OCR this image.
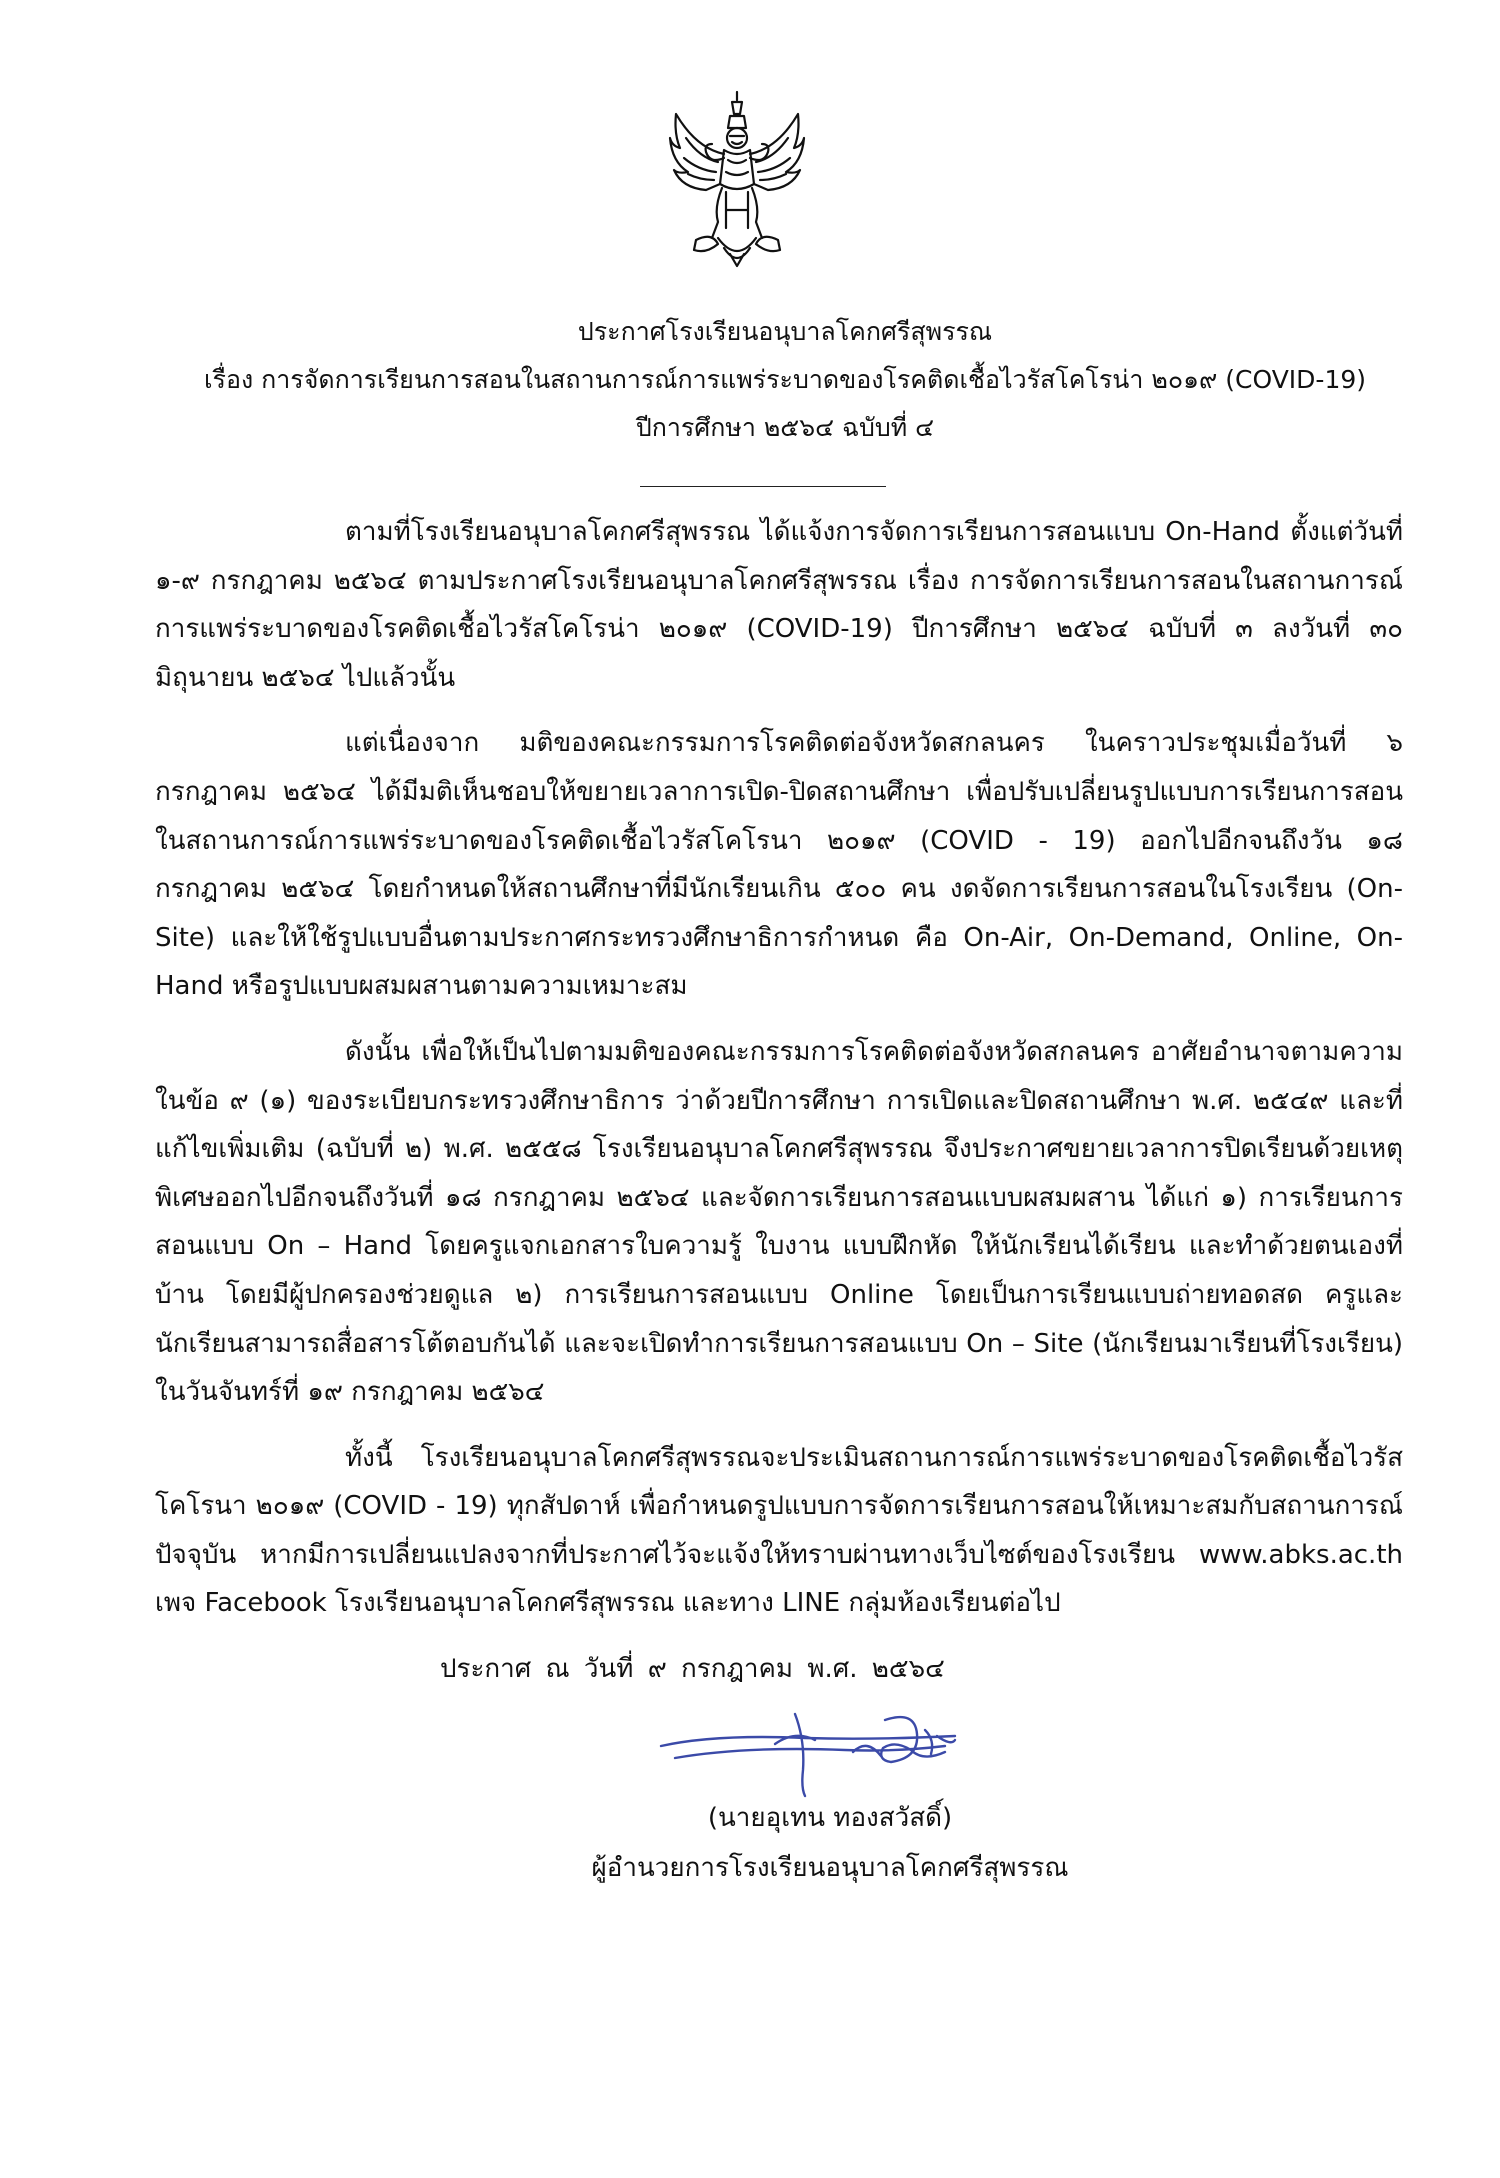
ประกาศโรงเรียนอนุบาลโคกศรีสุพรรณ
เรื่อง การจัดการเรียนการสอนในสถานการณ์การแพร่ระบาดของโรคติดเชื้อไวรัสโคโรน่า ๒๐๑๙ (COVID-19)
ปีการศึกษา ๒๕๖๔ ฉบับที่ ๔

ตามที่โรงเรียนอนุบาลโคกศรีสุพรรณ ได้แจ้งการจัดการเรียนการสอนแบบ On-Hand ตั้งแต่วันที่ ๑-๙ กรกฎาคม ๒๕๖๔ ตามประกาศโรงเรียนอนุบาลโคกศรีสุพรรณ เรื่อง การจัดการเรียนการสอนในสถานการณ์การแพร่ระบาดของโรคติดเชื้อไวรัสโคโรน่า ๒๐๑๙ (COVID-19) ปีการศึกษา ๒๕๖๔ ฉบับที่ ๓ ลงวันที่ ๓๐ มิถุนายน ๒๕๖๔ ไปแล้วนั้น

แต่เนื่องจาก มติของคณะกรรมการโรคติดต่อจังหวัดสกลนคร ในคราวประชุมเมื่อวันที่ ๖ กรกฎาคม ๒๕๖๔ ได้มีมติเห็นชอบให้ขยายเวลาการเปิด-ปิดสถานศึกษา เพื่อปรับเปลี่ยนรูปแบบการเรียนการสอนในสถานการณ์การแพร่ระบาดของโรคติดเชื้อไวรัสโคโรนา ๒๐๑๙ (COVID - 19) ออกไปอีกจนถึงวัน ๑๘ กรกฎาคม ๒๕๖๔ โดยกำหนดให้สถานศึกษาที่มีนักเรียนเกิน ๕๐๐ คน งดจัดการเรียนการสอนในโรงเรียน (On-Site) และให้ใช้รูปแบบอื่นตามประกาศกระทรวงศึกษาธิการกำหนด คือ On-Air, On-Demand, Online, On-Hand หรือรูปแบบผสมผสานตามความเหมาะสม

ดังนั้น เพื่อให้เป็นไปตามมติของคณะกรรมการโรคติดต่อจังหวัดสกลนคร อาศัยอำนาจตามความในข้อ ๙ (๑) ของระเบียบกระทรวงศึกษาธิการ ว่าด้วยปีการศึกษา การเปิดและปิดสถานศึกษา พ.ศ. ๒๕๔๙ และที่แก้ไขเพิ่มเติม (ฉบับที่ ๒) พ.ศ. ๒๕๕๘ โรงเรียนอนุบาลโคกศรีสุพรรณ จึงประกาศขยายเวลาการปิดเรียนด้วยเหตุพิเศษออกไปอีกจนถึงวันที่ ๑๘ กรกฎาคม ๒๕๖๔ และจัดการเรียนการสอนแบบผสมผสาน ได้แก่ ๑) การเรียนการสอนแบบ On – Hand โดยครูแจกเอกสารใบความรู้ ใบงาน แบบฝึกหัด ให้นักเรียนได้เรียน และทำด้วยตนเองที่บ้าน โดยมีผู้ปกครองช่วยดูแล ๒) การเรียนการสอนแบบ Online โดยเป็นการเรียนแบบถ่ายทอดสด ครูและนักเรียนสามารถสื่อสารโต้ตอบกันได้ และจะเปิดทำการเรียนการสอนแบบ On – Site (นักเรียนมาเรียนที่โรงเรียน) ในวันจันทร์ที่ ๑๙ กรกฎาคม ๒๕๖๔

ทั้งนี้ โรงเรียนอนุบาลโคกศรีสุพรรณจะประเมินสถานการณ์การแพร่ระบาดของโรคติดเชื้อไวรัสโคโรนา ๒๐๑๙ (COVID - 19) ทุกสัปดาห์ เพื่อกำหนดรูปแบบการจัดการเรียนการสอนให้เหมาะสมกับสถานการณ์ปัจจุบัน หากมีการเปลี่ยนแปลงจากที่ประกาศไว้จะแจ้งให้ทราบผ่านทางเว็บไซต์ของโรงเรียน www.abks.ac.th เพจ Facebook โรงเรียนอนุบาลโคกศรีสุพรรณ และทาง LINE กลุ่มห้องเรียนต่อไป

ประกาศ ณ วันที่ ๙ กรกฎาคม พ.ศ. ๒๕๖๔
(นายอุเทน ทองสวัสดิ์)
ผู้อำนวยการโรงเรียนอนุบาลโคกศรีสุพรรณ
